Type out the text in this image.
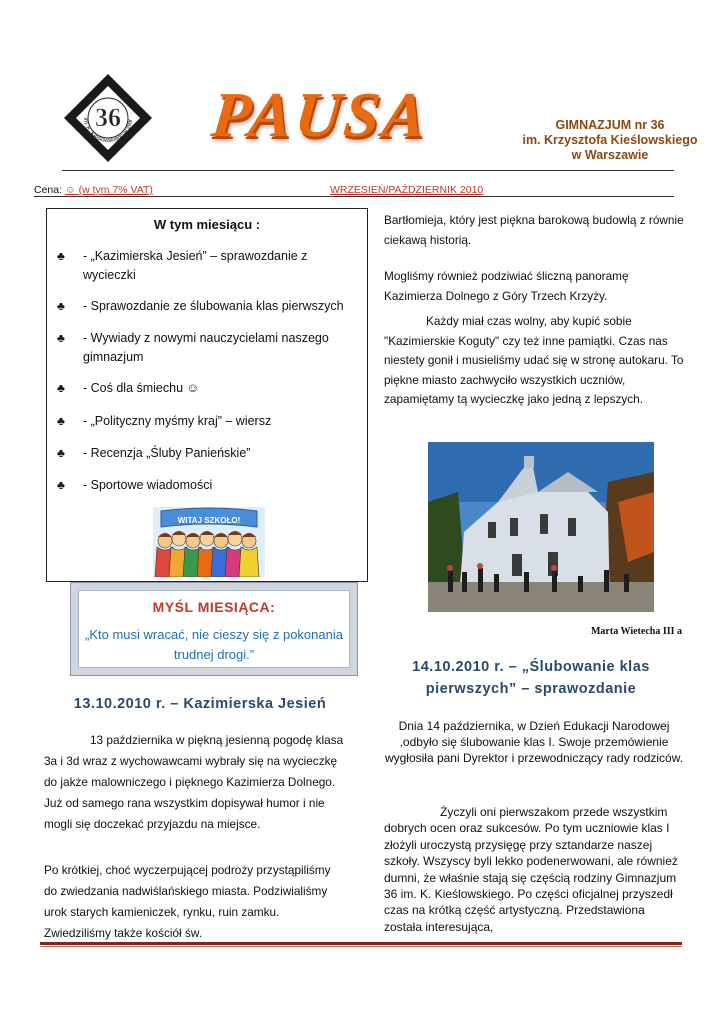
36
im. K. Kieślowskiego w War PAUSA	GIMNAZJUM nr 36
im. Krzysztofa Kieślowskiego
w Warszawie
Cena: ☺ (w tym 7% VAT)	WRZESIEŃ/PAŹDZIERNIK 2010
W tym miesiącu :
♣	- „Kazimierska Jesień” – sprawozdanie z wycieczki
♣	- Sprawozdanie ze ślubowania klas pierwszych
♣	- Wywiady z nowymi nauczycielami naszego gimnazjum
♣	- Coś dla śmiechu ☺
♣	- „Polityczny myśmy kraj” – wiersz
♣	- Recenzja „Śluby Panieńskie”
♣	- Sportowe wiadomości
WITAJ SZKOŁO!
MYŚL MIESIĄCA:
„Kto musi wracać, nie cieszy się z pokonania trudnej drogi.”
13.10.2010 r. – Kazimierska Jesień
13 października w piękną jesienną pogodę klasa 3a i 3d wraz z wychowawcami wybrały się na wycieczkę do jakże malowniczego i pięknego Kazimierza Dolnego. Już od samego rana wszystkim dopisywał humor i nie mogli się doczekać przyjazdu na miejsce.
Po krótkiej, choć wyczerpującej podroży przystąpiliśmy do zwiedzania nadwiślańskiego miasta. Podziwialiśmy urok starych kamieniczek, rynku, ruin zamku. Zwiedziliśmy także kościół św.
Bartłomieja, który jest piękna barokową budowlą z równie ciekawą historią.
Mogliśmy również podziwiać śliczną panoramę Kazimierza Dolnego z Góry Trzech Krzyży.
Każdy miał czas wolny, aby kupić sobie "Kazimierskie Koguty" czy też inne pamiątki. Czas nas niestety gonił i musieliśmy udać się w stronę autokaru. To piękne miasto zachwyciło wszystkich uczniów, zapamiętamy tą wycieczkę jako jedną z lepszych.
Marta Wietecha III a
14.10.2010 r. – „Ślubowanie klas pierwszych” – sprawozdanie
Dnia 14 października, w Dzień Edukacji Narodowej ,odbyło się ślubowanie klas I. Swoje przemówienie wygłosiła pani Dyrektor i przewodniczący rady rodziców.
Życzyli oni pierwszakom przede wszystkim dobrych ocen oraz sukcesów. Po tym uczniowie klas I złożyli uroczystą przysięgę przy sztandarze naszej szkoły. Wszyscy byli lekko podenerwowani, ale również dumni, że właśnie stają się częścią rodziny Gimnazjum 36 im. K. Kieślowskiego. Po części oficjalnej przyszedł czas na krótką część artystyczną. Przedstawiona została interesująca,
